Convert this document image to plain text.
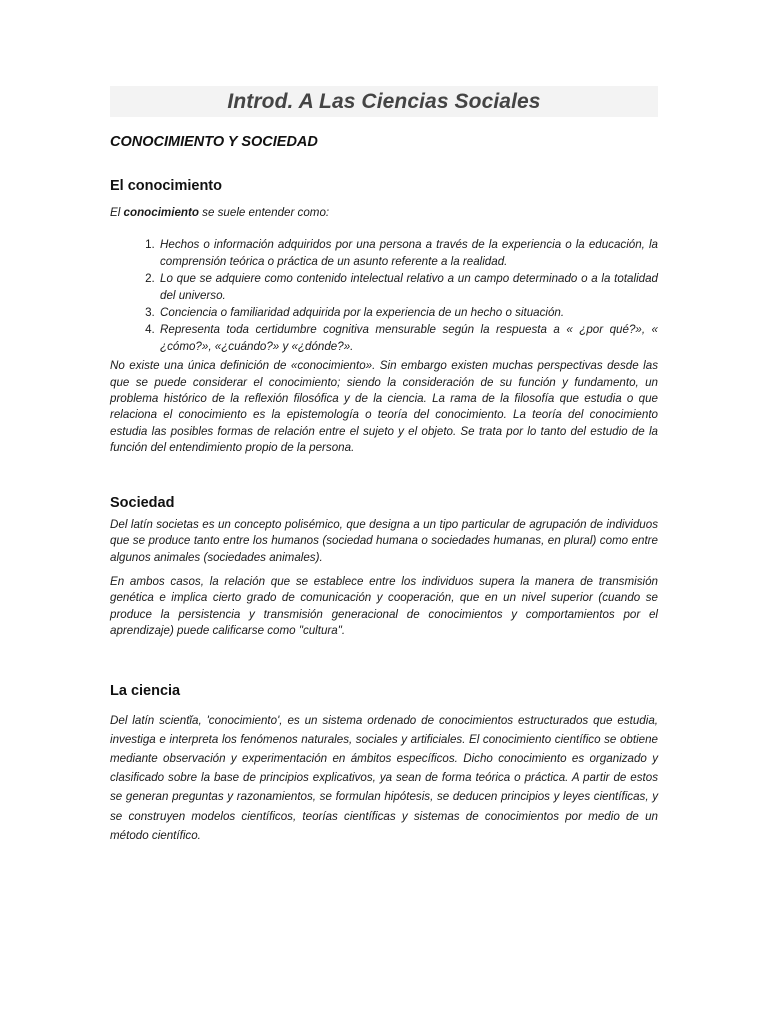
Introd. A Las Ciencias Sociales
CONOCIMIENTO Y SOCIEDAD
El conocimiento

El conocimiento se suele entender como:

1. Hechos o información adquiridos por una persona a través de la experiencia o la educación, la comprensión teórica o práctica de un asunto referente a la realidad.
2. Lo que se adquiere como contenido intelectual relativo a un campo determinado o a la totalidad del universo.
3. Conciencia o familiaridad adquirida por la experiencia de un hecho o situación.
4. Representa toda certidumbre cognitiva mensurable según la respuesta a « ¿por qué?», « ¿cómo?», «¿cuándo?» y «¿dónde?».

No existe una única definición de «conocimiento». Sin embargo existen muchas perspectivas desde las que se puede considerar el conocimiento; siendo la consideración de su función y fundamento, un problema histórico de la reflexión filosófica y de la ciencia. La rama de la filosofía que estudia o que relaciona el conocimiento es la epistemología o teoría del conocimiento. La teoría del conocimiento estudia las posibles formas de relación entre el sujeto y el objeto. Se trata por lo tanto del estudio de la función del entendimiento propio de la persona.

Sociedad

Del latín societas es un concepto polisémico, que designa a un tipo particular de agrupación de individuos que se produce tanto entre los humanos (sociedad humana o sociedades humanas, en plural) como entre algunos animales (sociedades animales).

En ambos casos, la relación que se establece entre los individuos supera la manera de transmisión genética e implica cierto grado de comunicación y cooperación, que en un nivel superior (cuando se produce la persistencia y transmisión generacional de conocimientos y comportamientos por el aprendizaje) puede calificarse como "cultura".

La ciencia

Del latín scientĭa, 'conocimiento', es un sistema ordenado de conocimientos estructurados que estudia, investiga e interpreta los fenómenos naturales, sociales y artificiales. El conocimiento científico se obtiene mediante observación y experimentación en ámbitos específicos. Dicho conocimiento es organizado y clasificado sobre la base de principios explicativos, ya sean de forma teórica o práctica. A partir de estos se generan preguntas y razonamientos, se formulan hipótesis, se deducen principios y leyes científicas, y se construyen modelos científicos, teorías científicas y sistemas de conocimientos por medio de un método científico.
